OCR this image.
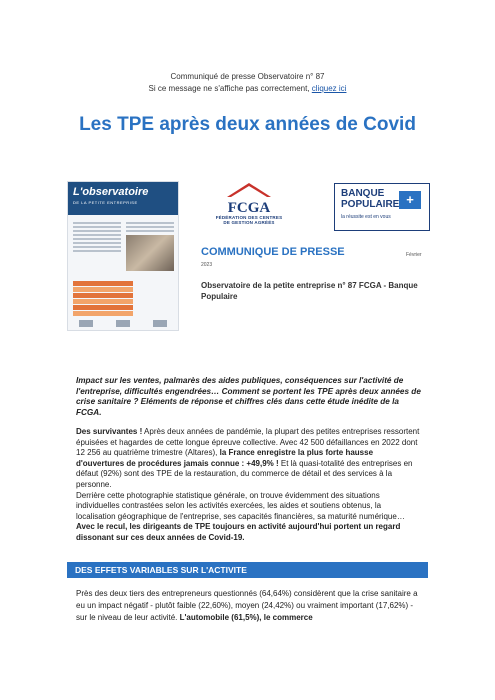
Communiqué de presse Observatoire n° 87
Si ce message ne s'affiche pas correctement, cliquez ici
Les TPE après deux années de Covid
L'observatoire
DE LA PETITE ENTREPRISE	FCGA
FÉDÉRATION DES CENTRES
DE GESTION AGRÉÉS
BANQUE
POPULAIRE +
la réussite est en vous
COMMUNIQUE DE PRESSE	Février
2023
Observatoire de la petite entreprise n° 87 FCGA - Banque Populaire

Impact sur les ventes, palmarès des aides publiques, conséquences sur l'activité de l'entreprise, difficultés engendrées… Comment se portent les TPE après deux années de crise sanitaire ? Eléments de réponse et chiffres clés dans cette étude inédite de la FCGA.

Des survivantes ! Après deux années de pandémie, la plupart des petites entreprises ressortent épuisées et hagardes de cette longue épreuve collective. Avec 42 500 défaillances en 2022 dont 12 256 au quatrième trimestre (Altares), la France enregistre la plus forte hausse d'ouvertures de procédures jamais connue : +49,9% ! Et là quasi-totalité des entreprises en défaut (92%) sont des TPE de la restauration, du commerce de détail et des services à la personne.

Derrière cette photographie statistique générale, on trouve évidemment des situations individuelles contrastées selon les activités exercées, les aides et soutiens obtenus, la localisation géographique de l'entreprise, ses capacités financières, sa maturité numérique… Avec le recul, les dirigeants de TPE toujours en activité aujourd'hui portent un regard dissonant sur ces deux années de Covid-19.

DES EFFETS VARIABLES SUR L'ACTIVITE

Près des deux tiers des entrepreneurs questionnés (64,64%) considèrent que la crise sanitaire a eu un impact négatif - plutôt faible (22,60%), moyen (24,42%) ou vraiment important (17,62%) - sur le niveau de leur activité. L'automobile (61,5%), le commerce
